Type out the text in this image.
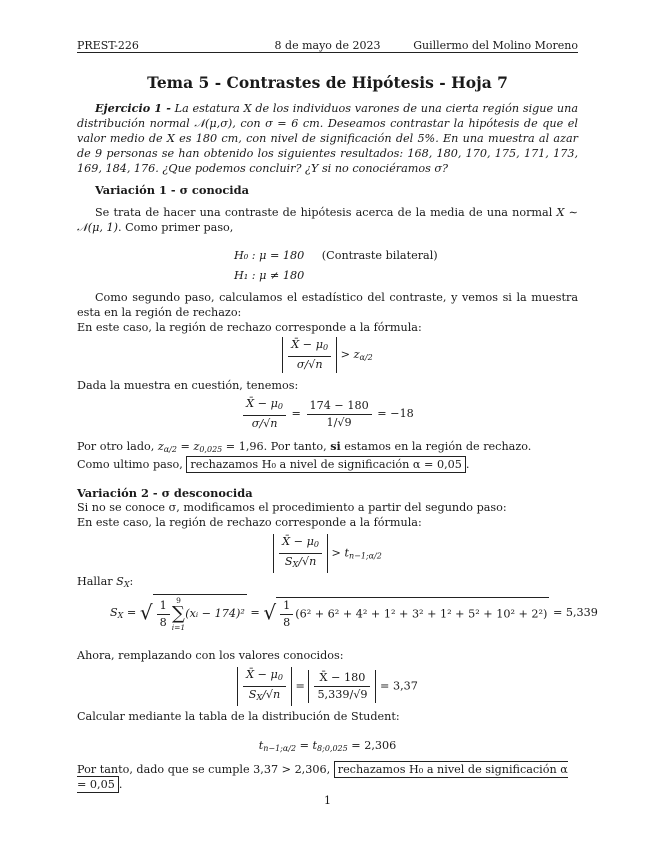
PREST-226	8 de mayo de 2023	Guillermo del Molino Moreno
Tema 5 - Contrastes de Hipótesis - Hoja 7
Ejercicio 1 - La estatura X de los individuos varones de una cierta región sigue una distribución normal 𝒩(μ,σ), con σ = 6 cm. Deseamos contrastar la hipótesis de que el valor medio de X es 180 cm, con nivel de significación del 5%. En una muestra al azar de 9 personas se han obtenido los siguientes resultados: 168, 180, 170, 175, 171, 173, 169, 184, 176. ¿Que podemos concluir? ¿Y si no conociéramos σ?
Variación 1 - σ conocida
Se trata de hacer una contraste de hipótesis acerca de la media de una normal X ∼ 𝒩(μ, 1). Como primer paso,
H₀ : μ = 180 (Contraste bilateral)
H₁ : μ ≠ 180
Como segundo paso, calculamos el estadístico del contraste, y vemos si la muestra esta en la región de rechazo:
En este caso, la región de rechazo corresponde a la fórmula:
$\frac{X̄ - \mu_0}{\sigma/√n} > z_{\alpha/2}$
Dada la muestra en cuestión, tenemos:
$\frac{X̄ - \mu_0}{\sigma/√n} = \frac{174 - 180}{1/√9} = -18$
Por otro lado, $z_{\alpha/2} = z_{0,025} = 1,96$. Por tanto, si estamos en la región de rechazo.
Como ultimo paso, rechazamos H₀ a nivel de significación α = 0,05 .
Variación 2 - σ desconocida
Si no se conoce σ, modificamos el procedimiento a partir del segundo paso:
En este caso, la región de rechazo corresponde a la fórmula:
$\frac{X̄ - \mu_0}{S_X/√n} > t_{n-1;\alpha/2}$
Hallar $S_X$:
$S_X$ = √ $\frac{1}{8} 9$
∑
i=1(xᵢ − 174)² = √ $\frac{1}{8} (6^2 + 6^2 + 4^2 + 1^2 + 3^2 + 1^2 + 5^2 + 10^2 + 2^2) = 5,339$
Ahora, remplazando con los valores conocidos:
$\frac{X̄ - \mu_0}{S_X/√n} = \frac{X̄ - 180}{5,339/√9} = 3,37$
Calcular mediante la tabla de la distribución de Student:
$t_{n-1;\alpha/2} = t_{8;0,025} = 2,306$
Por tanto, dado que se cumple 3,37 > 2,306, rechazamos H₀ a nivel de significación α = 0,05 .
1
